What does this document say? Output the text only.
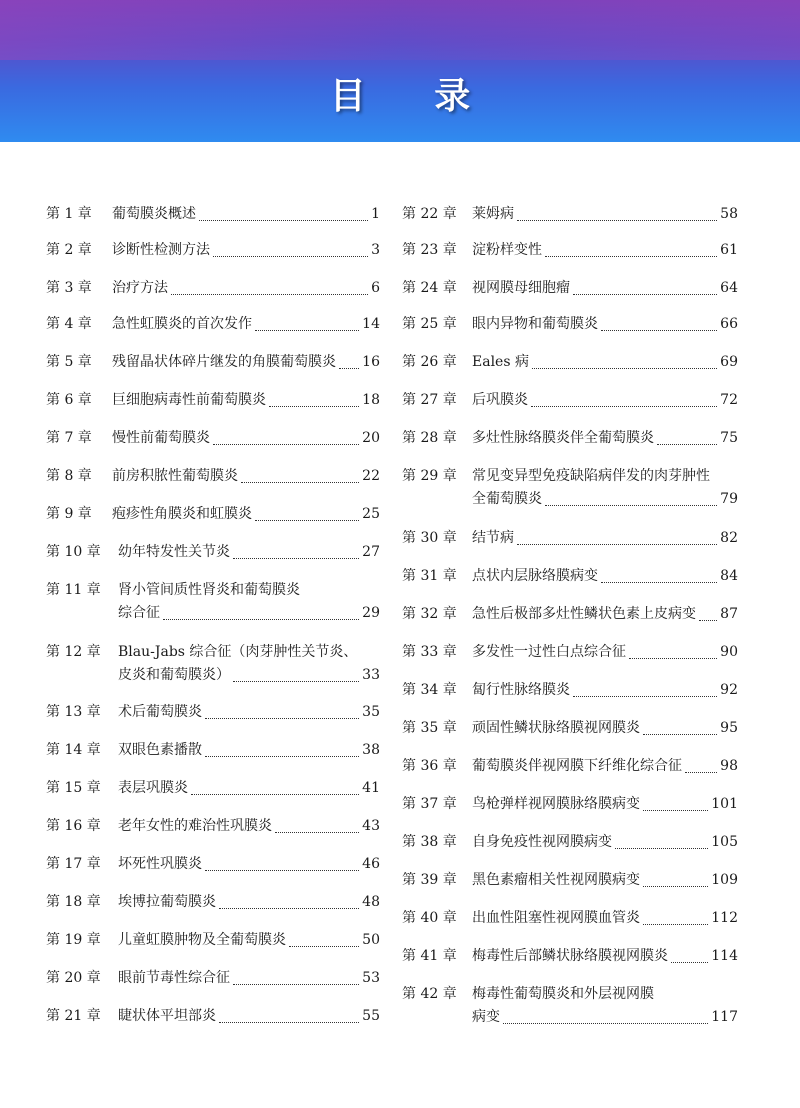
目 录
第 1 章 葡萄膜炎概述	1
第 2 章 诊断性检测方法	3
第 3 章 治疗方法	6
第 4 章 急性虹膜炎的首次发作	14
第 5 章 残留晶状体碎片继发的角膜葡萄膜炎 16
第 6 章 巨细胞病毒性前葡萄膜炎	18
第 7 章 慢性前葡萄膜炎	20
第 8 章 前房积脓性葡萄膜炎	22
第 9 章 疱疹性角膜炎和虹膜炎	25
第 10 章 幼年特发性关节炎	27
第 11 章 肾小管间质性肾炎和葡萄膜炎
综合征	29
第 12 章 Blau-Jabs 综合征（肉芽肿性关节炎、
皮炎和葡萄膜炎）	33
第 13 章 术后葡萄膜炎	35
第 14 章 双眼色素播散	38
第 15 章 表层巩膜炎	41
第 16 章 老年女性的难治性巩膜炎	43
第 17 章 坏死性巩膜炎	46
第 18 章 埃博拉葡萄膜炎	48
第 19 章 儿童虹膜肿物及全葡萄膜炎	50
第 20 章 眼前节毒性综合征	53
第 21 章 睫状体平坦部炎	55
第 22 章 莱姆病	58
第 23 章 淀粉样变性	61
第 24 章 视网膜母细胞瘤	64
第 25 章 眼内异物和葡萄膜炎	66
第 26 章 Eales 病	69
第 27 章 后巩膜炎	72
第 28 章 多灶性脉络膜炎伴全葡萄膜炎	75
第 29 章 常见变异型免疫缺陷病伴发的肉芽肿性
全葡萄膜炎	79
第 30 章 结节病	82
第 31 章 点状内层脉络膜病变	84
第 32 章 急性后极部多灶性鳞状色素上皮病变 87
第 33 章 多发性一过性白点综合征	90
第 34 章 匐行性脉络膜炎	92
第 35 章 顽固性鳞状脉络膜视网膜炎	95
第 36 章 葡萄膜炎伴视网膜下纤维化综合征	98
第 37 章 鸟枪弹样视网膜脉络膜病变	101
第 38 章 自身免疫性视网膜病变	105
第 39 章 黑色素瘤相关性视网膜病变	109
第 40 章 出血性阻塞性视网膜血管炎	112
第 41 章 梅毒性后部鳞状脉络膜视网膜炎	114
第 42 章 梅毒性葡萄膜炎和外层视网膜
病变	117
